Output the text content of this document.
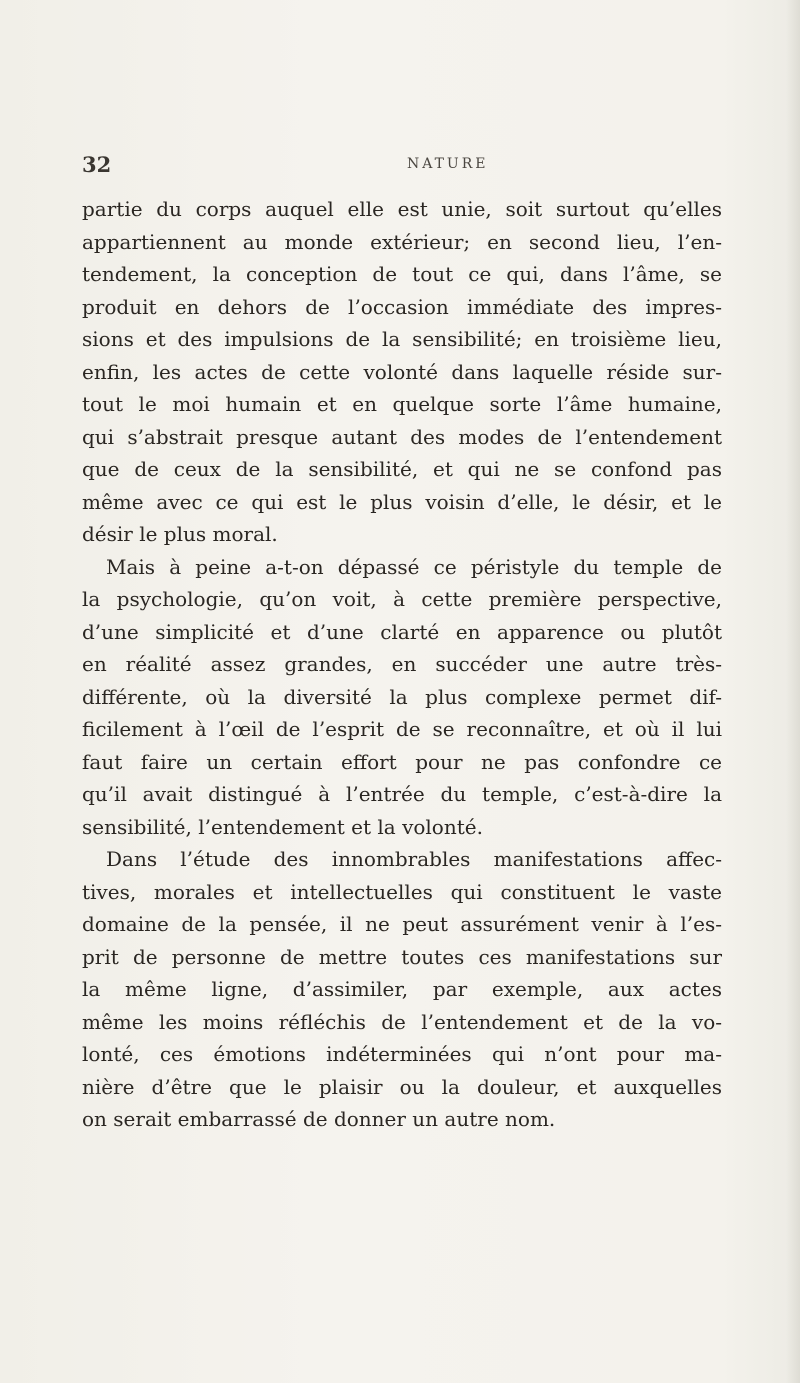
32	NATURE
partie du corps auquel elle est unie, soit surtout qu’elles
appartiennent au monde extérieur; en second lieu, l’en-
tendement, la conception de tout ce qui, dans l’âme, se
produit en dehors de l’occasion immédiate des impres-
sions et des impulsions de la sensibilité; en troisième lieu,
enfin, les actes de cette volonté dans laquelle réside sur-
tout le moi humain et en quelque sorte l’âme humaine,
qui s’abstrait presque autant des modes de l’entendement
que de ceux de la sensibilité, et qui ne se confond pas
même avec ce qui est le plus voisin d’elle, le désir, et le
désir le plus moral.
Mais à peine a-t-on dépassé ce péristyle du temple de
la psychologie, qu’on voit, à cette première perspective,
d’une simplicité et d’une clarté en apparence ou plutôt
en réalité assez grandes, en succéder une autre très-
différente, où la diversité la plus complexe permet dif-
ficilement à l’œil de l’esprit de se reconnaître, et où il lui
faut faire un certain effort pour ne pas confondre ce
qu’il avait distingué à l’entrée du temple, c’est-à-dire la
sensibilité, l’entendement et la volonté.
Dans l’étude des innombrables manifestations affec-
tives, morales et intellectuelles qui constituent le vaste
domaine de la pensée, il ne peut assurément venir à l’es-
prit de personne de mettre toutes ces manifestations sur
la même ligne, d’assimiler, par exemple, aux actes
même les moins réfléchis de l’entendement et de la vo-
lonté, ces émotions indéterminées qui n’ont pour ma-
nière d’être que le plaisir ou la douleur, et auxquelles
on serait embarrassé de donner un autre nom.
